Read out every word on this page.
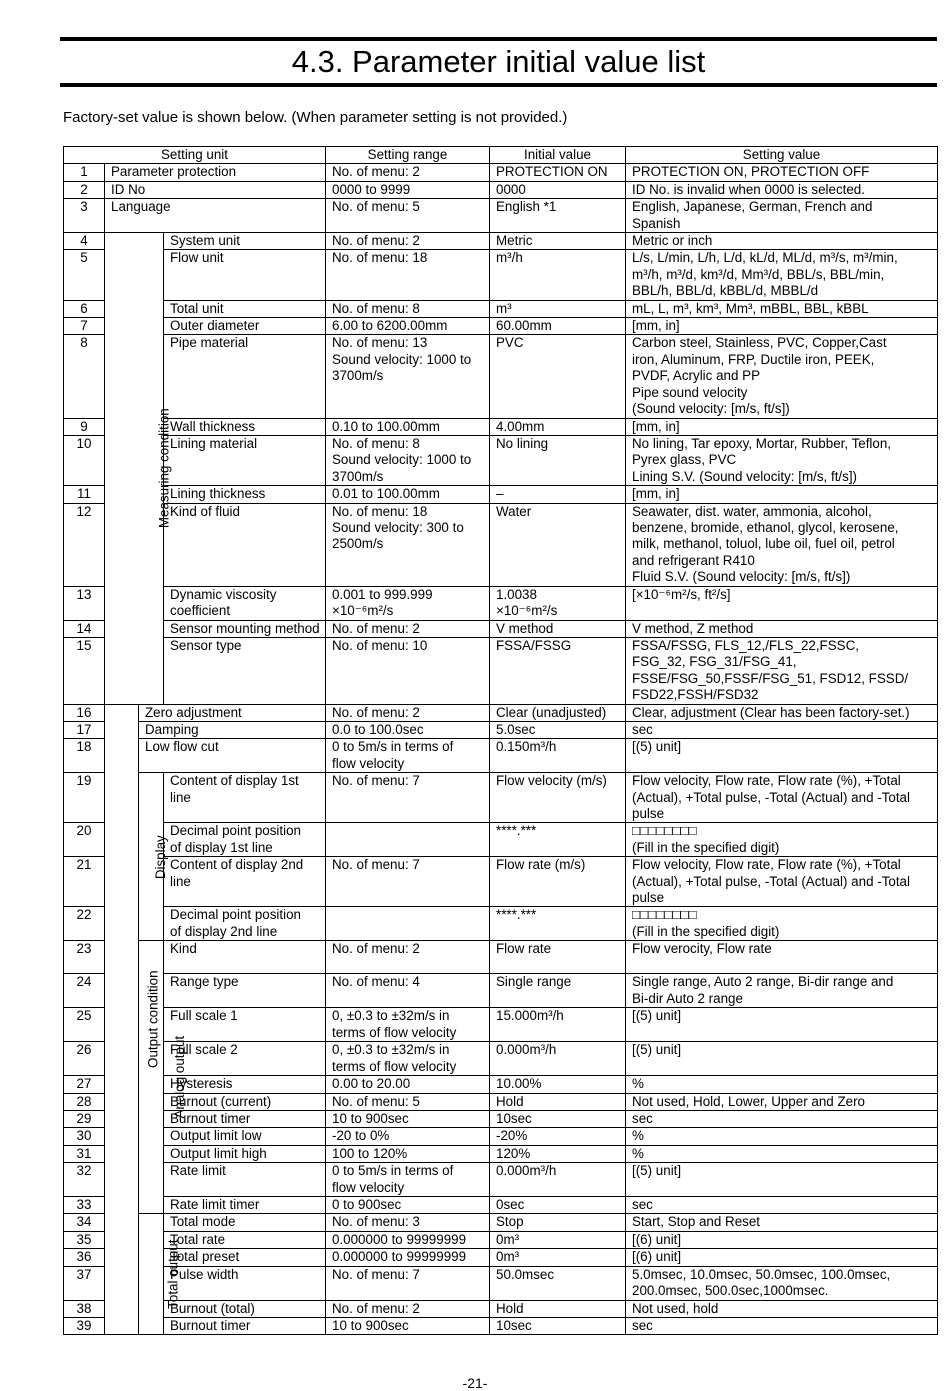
4.3. Parameter initial value list
Factory-set value is shown below. (When parameter setting is not provided.)
Setting unit				Setting range	Initial value	Setting value
1	Parameter protection			No. of menu: 2	PROTECTION ON	PROTECTION ON, PROTECTION OFF
2	ID No			0000 to 9999	0000	ID No. is invalid when 0000 is selected.
3	Language			No. of menu: 5	English *1	English, Japanese, German, French and
Spanish
4	Measuring condition		System unit	No. of menu: 2	Metric	Metric or inch
5			Flow unit	No. of menu: 18	m³/h	L/s, L/min, L/h, L/d, kL/d, ML/d, m³/s, m³/min,
m³/h, m³/d, km³/d, Mm³/d, BBL/s, BBL/min,
BBL/h, BBL/d, kBBL/d, MBBL/d
6			Total unit	No. of menu: 8	m³	mL, L, m³, km³, Mm³, mBBL, BBL, kBBL
7			Outer diameter	6.00 to 6200.00mm	60.00mm	[mm, in]
8			Pipe material	No. of menu: 13
Sound velocity: 1000 to
3700m/s	PVC	Carbon steel, Stainless, PVC, Copper,Cast
iron, Aluminum, FRP, Ductile iron, PEEK,
PVDF, Acrylic and PP
Pipe sound velocity
(Sound velocity: [m/s, ft/s])
9			Wall thickness	0.10 to 100.00mm	4.00mm	[mm, in]
10			Lining material	No. of menu: 8
Sound velocity: 1000 to
3700m/s	No lining	No lining, Tar epoxy, Mortar, Rubber, Teflon,
Pyrex glass, PVC
Lining S.V. (Sound velocity: [m/s, ft/s])
11			Lining thickness	0.01 to 100.00mm	–	[mm, in]
12			Kind of fluid	No. of menu: 18
Sound velocity: 300 to
2500m/s	Water	Seawater, dist. water, ammonia, alcohol,
benzene, bromide, ethanol, glycol, kerosene,
milk, methanol, toluol, lube oil, fuel oil, petrol
and refrigerant R410
Fluid S.V. (Sound velocity: [m/s, ft/s])
13			Dynamic viscosity
coefficient	0.001 to 999.999
×10⁻⁶m²/s	1.0038
×10⁻⁶m²/s	[×10⁻⁶m²/s, ft²/s]
14			Sensor mounting method	No. of menu: 2	V method	V method, Z method
15			Sensor type	No. of menu: 10	FSSA/FSSG	FSSA/FSSG, FLS_12,/FLS_22,FSSC,
FSG_32, FSG_31/FSG_41,
FSSE/FSG_50,FSSF/FSG_51, FSD12, FSSD/
FSD22,FSSH/FSD32
16	Output condition	Zero adjustment		No. of menu: 2	Clear (unadjusted)	Clear, adjustment (Clear has been factory-set.)
17		Damping		0.0 to 100.0sec	5.0sec	sec
18		Low flow cut		0 to 5m/s in terms of
flow velocity	0.150m³/h	[(5) unit]
19		Display	Content of display 1st
line	No. of menu: 7	Flow velocity (m/s)	Flow velocity, Flow rate, Flow rate (%), +Total
(Actual), +Total pulse, -Total (Actual) and -Total
pulse
20			Decimal point position
of display 1st line		****.***	□□□□□□□□
(Fill in the specified digit)
21			Content of display 2nd
line	No. of menu: 7	Flow rate (m/s)	Flow velocity, Flow rate, Flow rate (%), +Total
(Actual), +Total pulse, -Total (Actual) and -Total
pulse
22			Decimal point position
of display 2nd line		****.***	□□□□□□□□
(Fill in the specified digit)
23		Analog output	Kind	No. of menu: 2	Flow rate	Flow verocity, Flow rate
24			Range type	No. of menu: 4	Single range	Single range, Auto 2 range, Bi-dir range and
Bi-dir Auto 2 range
25			Full scale 1	0, ±0.3 to ±32m/s in
terms of flow velocity	15.000m³/h	[(5) unit]
26			Full scale 2	0, ±0.3 to ±32m/s in
terms of flow velocity	0.000m³/h	[(5) unit]
27			Hysteresis	0.00 to 20.00	10.00%	%
28			Burnout (current)	No. of menu: 5	Hold	Not used, Hold, Lower, Upper and Zero
29			Burnout timer	10 to 900sec	10sec	sec
30			Output limit low	-20 to 0%	-20%	%
31			Output limit high	100 to 120%	120%	%
32			Rate limit	0 to 5m/s in terms of
flow velocity	0.000m³/h	[(5) unit]
33			Rate limit timer	0 to 900sec	0sec	sec
34		Total output	Total mode	No. of menu: 3	Stop	Start, Stop and Reset
35			Total rate	0.000000 to 99999999	0m³	[(6) unit]
36			Total preset	0.000000 to 99999999	0m³	[(6) unit]
37			Pulse width	No. of menu: 7	50.0msec	5.0msec, 10.0msec, 50.0msec, 100.0msec,
200.0msec, 500.0sec,1000msec.
38			Burnout (total)	No. of menu: 2	Hold	Not used, hold
39			Burnout timer	10 to 900sec	10sec	sec
-21-
